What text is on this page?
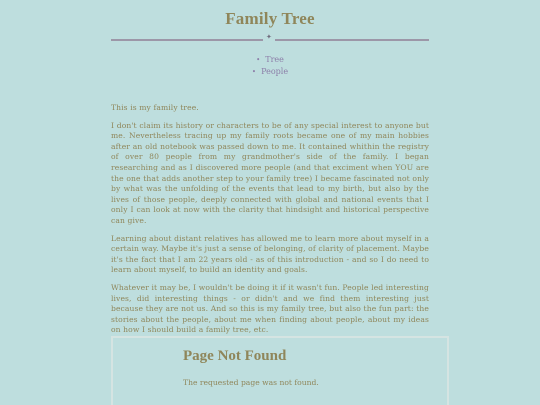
Family Tree
✦
• Tree
• People

This is my family tree.

I don't claim its history or characters to be of any special interest to anyone but me. Nevertheless tracing up my family roots became one of my main hobbies after an old notebook was passed down to me. It contained whithin the registry of over 80 people from my grandmother's side of the family. I began researching and as I discovered more people (and that exciment when YOU are the one that adds another step to your family tree) I became fascinated not only by what was the unfolding of the events that lead to my birth, but also by the lives of those people, deeply connected with global and national events that I only I can look at now with the clarity that hindsight and historical perspective can give.

Learning about distant relatives has allowed me to learn more about myself in a certain way. Maybe it's just a sense of belonging, of clarity of placement. Maybe it's the fact that I am 22 years old - as of this introduction - and so I do need to learn about myself, to build an identity and goals.

Whatever it may be, I wouldn't be doing it if it wasn't fun. People led interesting lives, did interesting things - or didn't and we find them interesting just because they are not us. And so this is my family tree, but also the fun part: the stories about the people, about me when finding about people, about my ideas on how I should build a family tree, etc.

Page Not Found
The requested page was not found.
